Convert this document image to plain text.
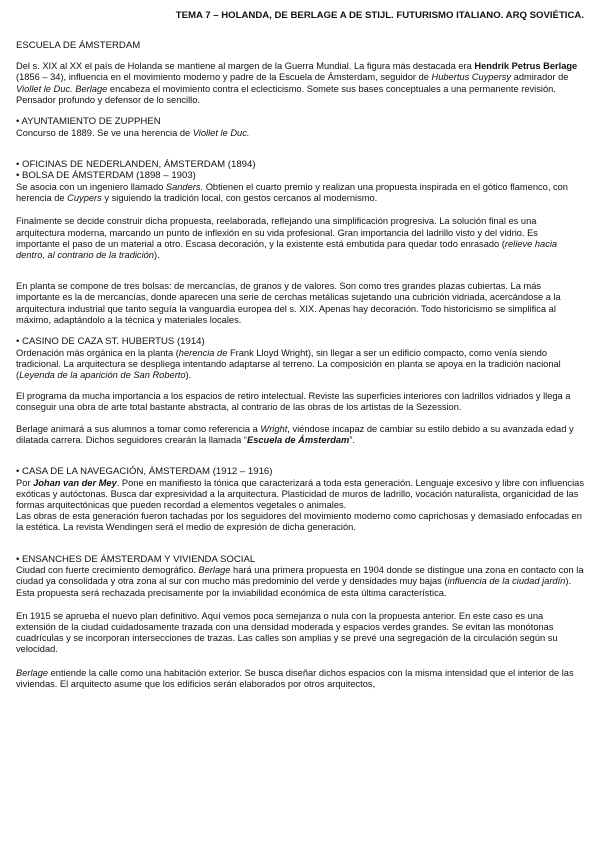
TEMA 7 – HOLANDA, DE BERLAGE A DE STIJL. FUTURISMO ITALIANO. ARQ SOVIÉTICA.
ESCUELA DE ÁMSTERDAM

Del s. XIX al XX el país de Holanda se mantiene al margen de la Guerra Mundial. La figura más destacada era Hendrik Petrus Berlage (1856 – 34), influencia en el movimiento moderno y padre de la Escuela de Ámsterdam, seguidor de Hubertus Cuypersy admirador de Viollet le Duc. Berlage encabeza el movimiento contra el eclecticismo. Somete sus bases conceptuales a una permanente revisión. Pensador profundo y defensor de lo sencillo.

• AYUNTAMIENTO DE ZUPPHEN

Concurso de 1889. Se ve una herencia de Viollet le Duc.

• OFICINAS DE NEDERLANDEN, ÁMSTERDAM (1894)
• BOLSA DE ÁMSTERDAM (1898 – 1903)

Se asocia con un ingeniero llamado Sanders. Obtienen el cuarto premio y realizan una propuesta inspirada en el gótico flamenco, con herencia de Cuypers y siguiendo la tradición local, con gestos cercanos al modernismo.

Finalmente se decide construir dicha propuesta, reelaborada, reflejando una simplificación progresiva. La solución final es una arquitectura moderna, marcando un punto de inflexión en su vida profesional. Gran importancia del ladrillo visto y del vidrio. Es importante el paso de un material a otro. Escasa decoración, y la existente está embutida para quedar todo enrasado (relieve hacia dentro, al contrario de la tradición).

En planta se compone de tres bolsas: de mercancías, de granos y de valores. Son como tres grandes plazas cubiertas. La más importante es la de mercancías, donde aparecen una serie de cerchas metálicas sujetando una cubrición vidriada, acercándose a la arquitectura industrial que tanto seguía la vanguardia europea del s. XIX. Apenas hay decoración. Todo historicismo se simplifica al máximo, adaptándolo a la técnica y materiales locales.

• CASINO DE CAZA ST. HUBERTUS (1914)

Ordenación más orgánica en la planta (herencia de Frank Lloyd Wright), sin llegar a ser un edificio compacto, como venía siendo tradicional. La arquitectura se despliega intentando adaptarse al terreno. La composición en planta se apoya en la tradición nacional (Leyenda de la aparición de San Roberto).

El programa da mucha importancia a los espacios de retiro intelectual. Reviste las superficies interiores con ladrillos vidriados y llega a conseguir una obra de arte total bastante abstracta, al contrario de las obras de los artistas de la Sezession.

Berlage animará a sus alumnos a tomar como referencia a Wright, viéndose incapaz de cambiar su estilo debido a su avanzada edad y dilatada carrera. Dichos seguidores crearán la llamada “Escuela de Ámsterdam”.

• CASA DE LA NAVEGACIÓN, ÁMSTERDAM (1912 – 1916)

Por Johan van der Mey. Pone en manifiesto la tónica que caracterizará a toda esta generación. Lenguaje excesivo y libre con influencias exóticas y autóctonas. Busca dar expresividad a la arquitectura. Plasticidad de muros de ladrillo, vocación naturalista, organicidad de las formas arquitectónicas que pueden recordad a elementos vegetales o animales.

Las obras de esta generación fueron tachadas por los seguidores del movimiento moderno como caprichosas y demasiado enfocadas en la estética. La revista Wendingen será el medio de expresión de dicha generación.

• ENSANCHES DE ÁMSTERDAM Y VIVIENDA SOCIAL

Ciudad con fuerte crecimiento demográfico. Berlage hará una primera propuesta en 1904 donde se distingue una zona en contacto con la ciudad ya consolidada y otra zona al sur con mucho más predominio del verde y densidades muy bajas (influencia de la ciudad jardín). Esta propuesta será rechazada precisamente por la inviabilidad económica de esta última característica.

En 1915 se aprueba el nuevo plan definitivo. Aquí vemos poca semejanza o nula con la propuesta anterior. En este caso es una extensión de la ciudad cuidadosamente trazada con una densidad moderada y espacios verdes grandes. Se evitan las monótonas cuadrículas y se incorporan intersecciones de trazas. Las calles son amplias y se prevé una segregación de la circulación según su velocidad.

Berlage entiende la calle como una habitación exterior. Se busca diseñar dichos espacios con la misma intensidad que el interior de las viviendas. El arquitecto asume que los edificios serán elaborados por otros arquitectos,
